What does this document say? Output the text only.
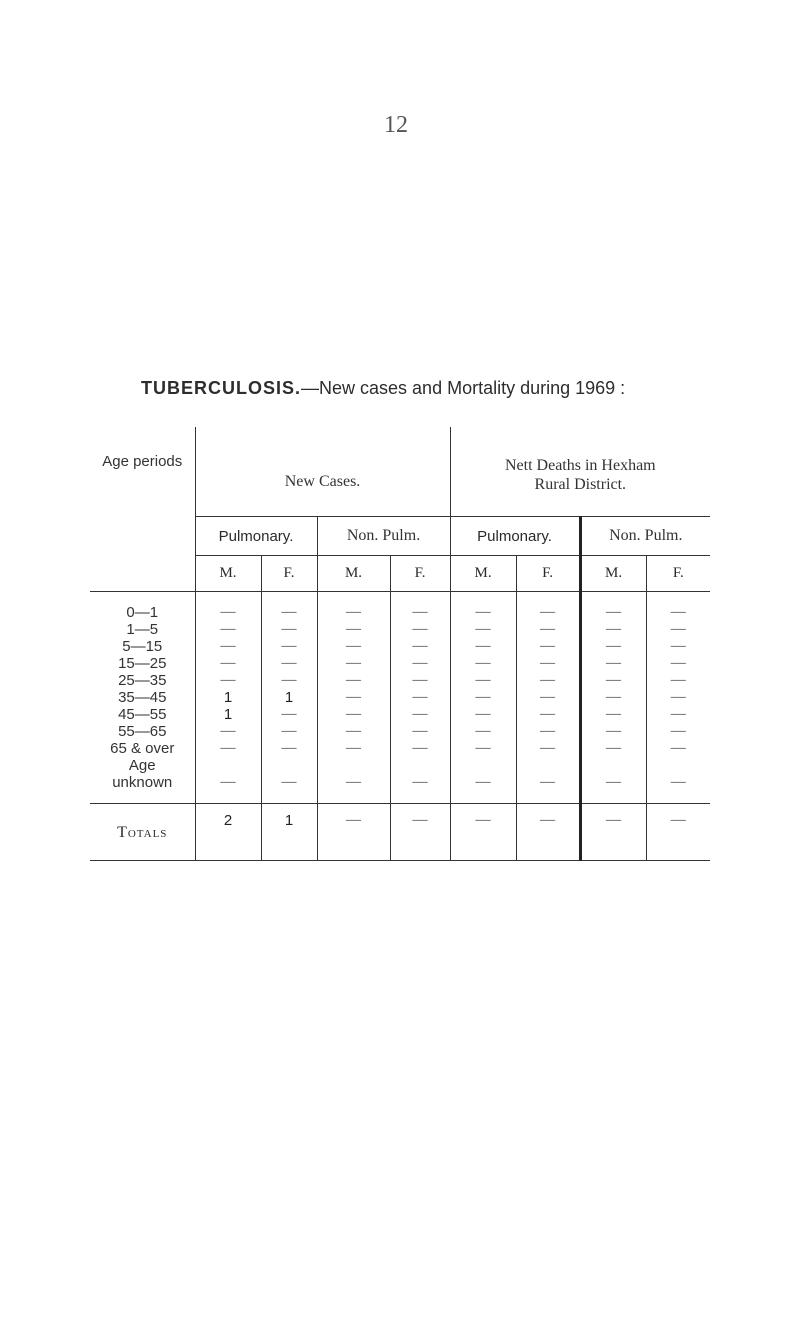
12
TUBERCULOSIS.—New cases and Mortality during 1969 :
Age periods	New Cases.				Nett Deaths in Hexham
Rural District.			

	Pulmonary.		Non. Pulm.		Pulmonary.		Non. Pulm.	
	M.	F.	M.	F.	M.	F.	M.	F.
0—1	—	—	—	—	—	—	—	—
1—5	—	—	—	—	—	—	—	—
5—15	—	—	—	—	—	—	—	—
15—25	—	—	—	—	—	—	—	—
25—35	—	—	—	—	—	—	—	—
35—45	1	1	—	—	—	—	—	—
45—55	1	—	—	—	—	—	—	—
55—65	—	—	—	—	—	—	—	—
65 & over	—	—	—	—	—	—	—	—

Age
unknown	—	—	—	—	—	—	—	—
Totals	2	1	—	—	—	—	—	—
